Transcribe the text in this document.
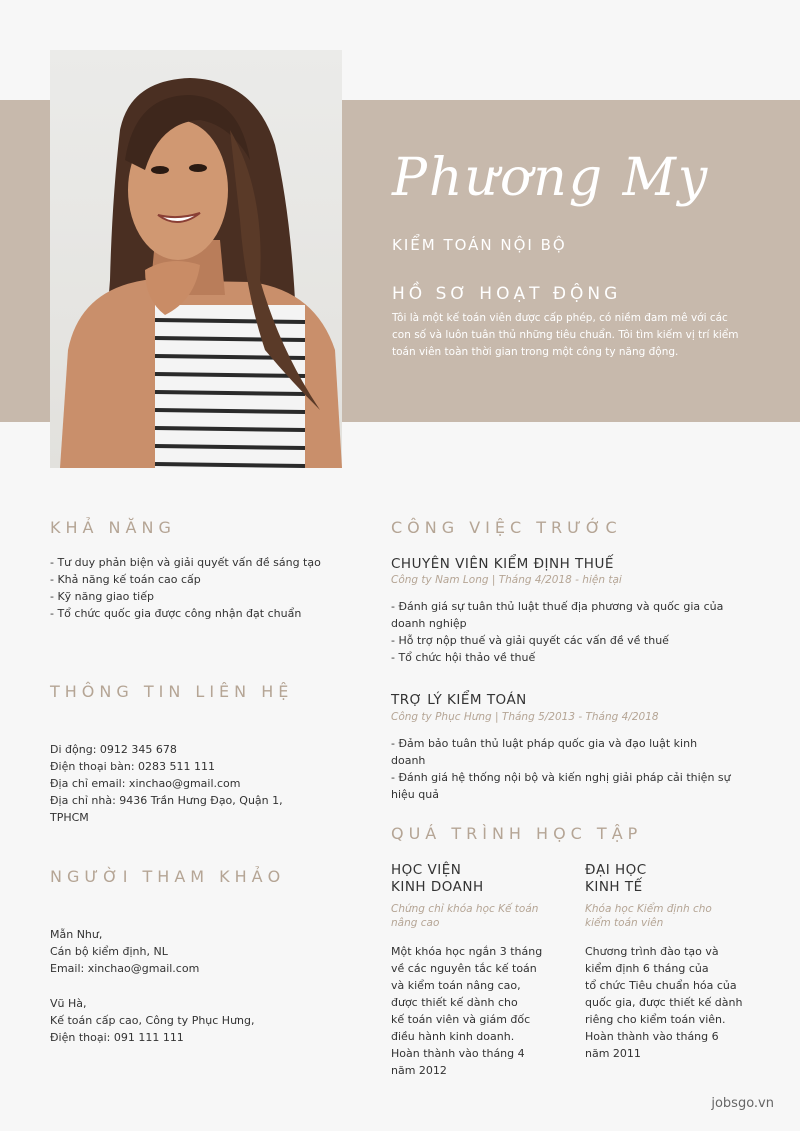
Phương My
KIỂM TOÁN NỘI BỘ
HỒ SƠ HOẠT ĐỘNG
Tôi là một kế toán viên được cấp phép, có niềm đam mê với các con số và luôn tuân thủ những tiêu chuẩn. Tôi tìm kiếm vị trí kiểm toán viên toàn thời gian trong một công ty năng động.
KHẢ NĂNG
- Tư duy phản biện và giải quyết vấn đề sáng tạo
- Khả năng kế toán cao cấp
- Kỹ năng giao tiếp
- Tổ chức quốc gia được công nhận đạt chuẩn
THÔNG TIN LIÊN HỆ
Di động: 0912 345 678
Điện thoại bàn: 0283 511 111
Địa chỉ email: xinchao@gmail.com
Địa chỉ nhà: 9436 Trần Hưng Đạo, Quận 1,
TPHCM
NGƯỜI THAM KHẢO
Mẫn Như,
Cán bộ kiểm định, NL
Email: xinchao@gmail.com
Vũ Hà,
Kế toán cấp cao, Công ty Phục Hưng,
Điện thoại: 091 111 111
CÔNG VIỆC TRƯỚC
CHUYÊN VIÊN KIỂM ĐỊNH THUẾ
Công ty Nam Long | Tháng 4/2018 - hiện tại
- Đánh giá sự tuân thủ luật thuế địa phương và quốc gia của
doanh nghiệp
- Hỗ trợ nộp thuế và giải quyết các vấn đề về thuế
- Tổ chức hội thảo về thuế
TRỢ LÝ KIỂM TOÁN
Công ty Phục Hưng | Tháng 5/2013 - Tháng 4/2018
- Đảm bảo tuân thủ luật pháp quốc gia và đạo luật kinh
doanh
- Đánh giá hệ thống nội bộ và kiến nghị giải pháp cải thiện sự
hiệu quả
QUÁ TRÌNH HỌC TẬP
HỌC VIỆN
KINH DOANH
Chứng chỉ khóa học Kế toán
nâng cao
Một khóa học ngắn 3 tháng
về các nguyên tắc kế toán
và kiểm toán nâng cao,
được thiết kế dành cho
kế toán viên và giám đốc
điều hành kinh doanh.
Hoàn thành vào tháng 4
năm 2012
ĐẠI HỌC
KINH TẾ
Khóa học Kiểm định cho
kiểm toán viên
Chương trình đào tạo và
kiểm định 6 tháng của
tổ chức Tiêu chuẩn hóa của
quốc gia, được thiết kế dành
riêng cho kiểm toán viên.
Hoàn thành vào tháng 6
năm 2011
jobsgo.vn
